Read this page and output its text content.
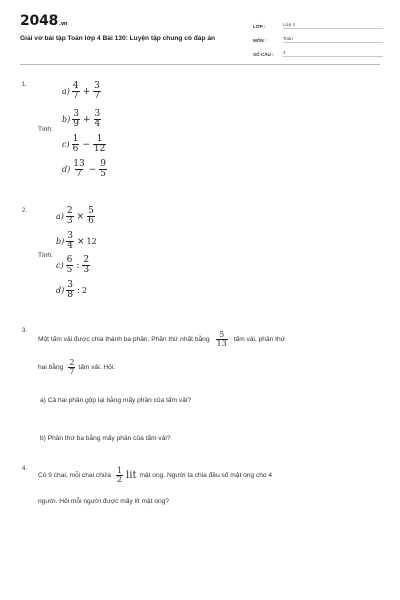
2048.vn
Giải vở bài tập Toán lớp 4 Bài 130: Luyện tập chung có đáp án
LỚP :	Lớp 4
MÔN :	Toán
SỐ CÂU :	4
1.
Tính:
$a) \frac{4}{7} + \frac{3}{7}$
$b) \frac{3}{9} + \frac{3}{4}$
$c) \frac{1}{6} - \frac{1}{12}$
$d) \frac{13}{7} - \frac{9}{5}$
2.
Tính:
$a) \frac{2}{3} \times \frac{5}{6}$
$b) \frac{3}{4} \times 12$
$c) \frac{6}{5}$ : $\frac{2}{3}$
$d) \frac{3}{8}$ : 2
3.
Một tấm vải được chia thành ba phần. Phần thứ nhất bằng $\frac{5}{13}$ tấm vải, phần thứ
hai bằng $\frac{2}{7}$ tấm vải. Hỏi:
a) Cả hai phần gộp lại bằng mấy phần của tấm vải?
b) Phần thứ ba bằng mấy phần của tấm vải?
4.
Có 9 chai, mỗi chai chứa $\frac{1}{2}$ lit mật ong. Người ta chia đều số mật ong cho 4
người. Hỏi mỗi người được mấy lít mật ong?
